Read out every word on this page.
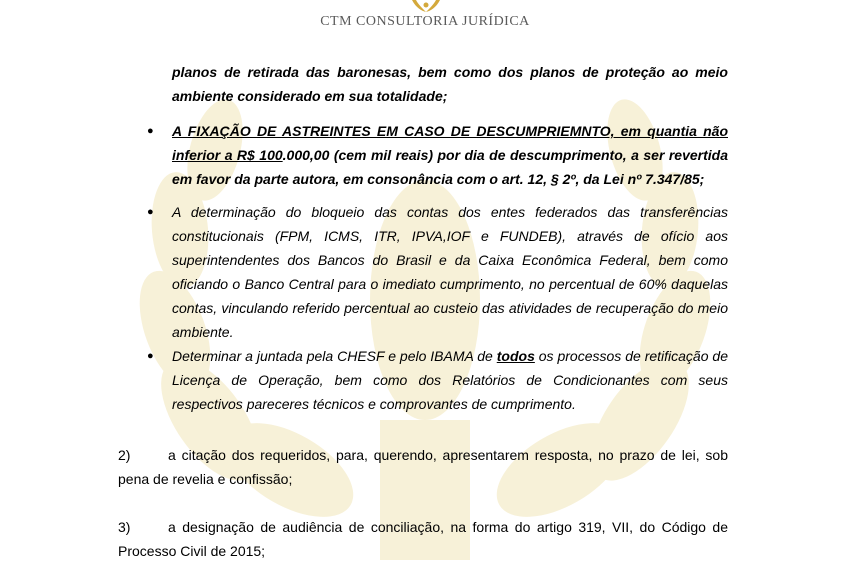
CTM CONSULTORIA JURÍDICA
planos de retirada das baronesas, bem como dos planos de proteção ao meio ambiente considerado em sua totalidade;
● A FIXAÇÃO DE ASTREINTES EM CASO DE DESCUMPRIEMNTO, em quantia não inferior a R$ 100.000,00 (cem mil reais) por dia de descumprimento, a ser revertida em favor da parte autora, em consonância com o art. 12, § 2º, da Lei nº 7.347/85;
● A determinação do bloqueio das contas dos entes federados das transferências constitucionais (FPM, ICMS, ITR, IPVA,IOF e FUNDEB), através de ofício aos superintendentes dos Bancos do Brasil e da Caixa Econômica Federal, bem como oficiando o Banco Central para o imediato cumprimento, no percentual de 60% daquelas contas, vinculando referido percentual ao custeio das atividades de recuperação do meio ambiente.
● Determinar a juntada pela CHESF e pelo IBAMA de todos os processos de retificação de Licença de Operação, bem como dos Relatórios de Condicionantes com seus respectivos pareceres técnicos e comprovantes de cumprimento.
2)	a citação dos requeridos, para, querendo, apresentarem resposta, no prazo de lei, sob pena de revelia e confissão;
3)	a designação de audiência de conciliação, na forma do artigo 319, VII, do Código de Processo Civil de 2015;
